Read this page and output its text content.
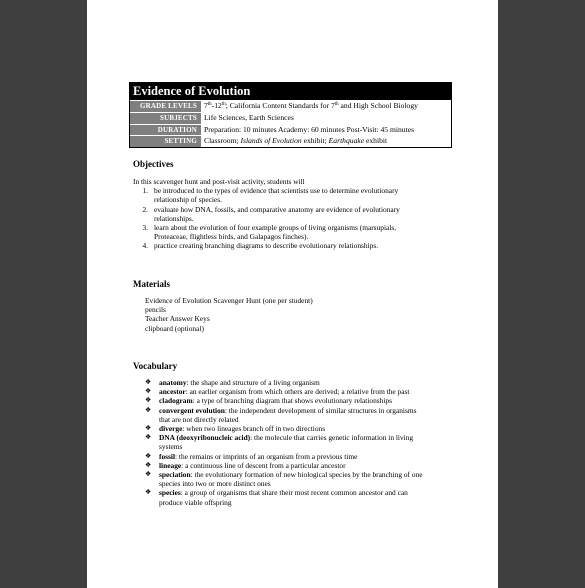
Evidence of Evolution
GRADE LEVELS 7th-12th; California Content Standards for 7th and High School Biology
SUBJECTS Life Sciences, Earth Sciences
DURATION Preparation: 10 minutes Academy: 60 minutes Post-Visit: 45 minutes
SETTING Classroom; Islands of Evolution exhibit; Earthquake exhibit
Objectives
In this scavenger hunt and post-visit activity, students will
1. be introduced to the types of evidence that scientists use to determine evolutionary
relationship of species.
2. evaluate how DNA, fossils, and comparative anatomy are evidence of evolutionary
relationships.
3. learn about the evolution of four example groups of living organisms (marsupials,
Proteaceae, flightless birds, and Galapagos finches).
4. practice creating branching diagrams to describe evolutionary relationships.
Materials
Evidence of Evolution Scavenger Hunt (one per student)
pencils
Teacher Answer Keys
clipboard (optional)
Vocabulary
❖	anatomy: the shape and structure of a living organism
❖	ancestor: an earlier organism from which others are derived; a relative from the past
❖	cladogram: a type of branching diagram that shows evolutionary relationships
❖	convergent evolution: the independent development of similar structures in organisms
that are not directly related
❖	diverge: when two lineages branch off in two directions
❖	DNA (deoxyribonucleic acid): the molecule that carries genetic information in living
systems
❖	fossil: the remains or imprints of an organism from a previous time
❖	lineage: a continuous line of descent from a particular ancestor
❖	speciation: the evolutionary formation of new biological species by the branching of one
species into two or more distinct ones
❖	species: a group of organisms that share their most recent common ancestor and can
produce viable offspring
